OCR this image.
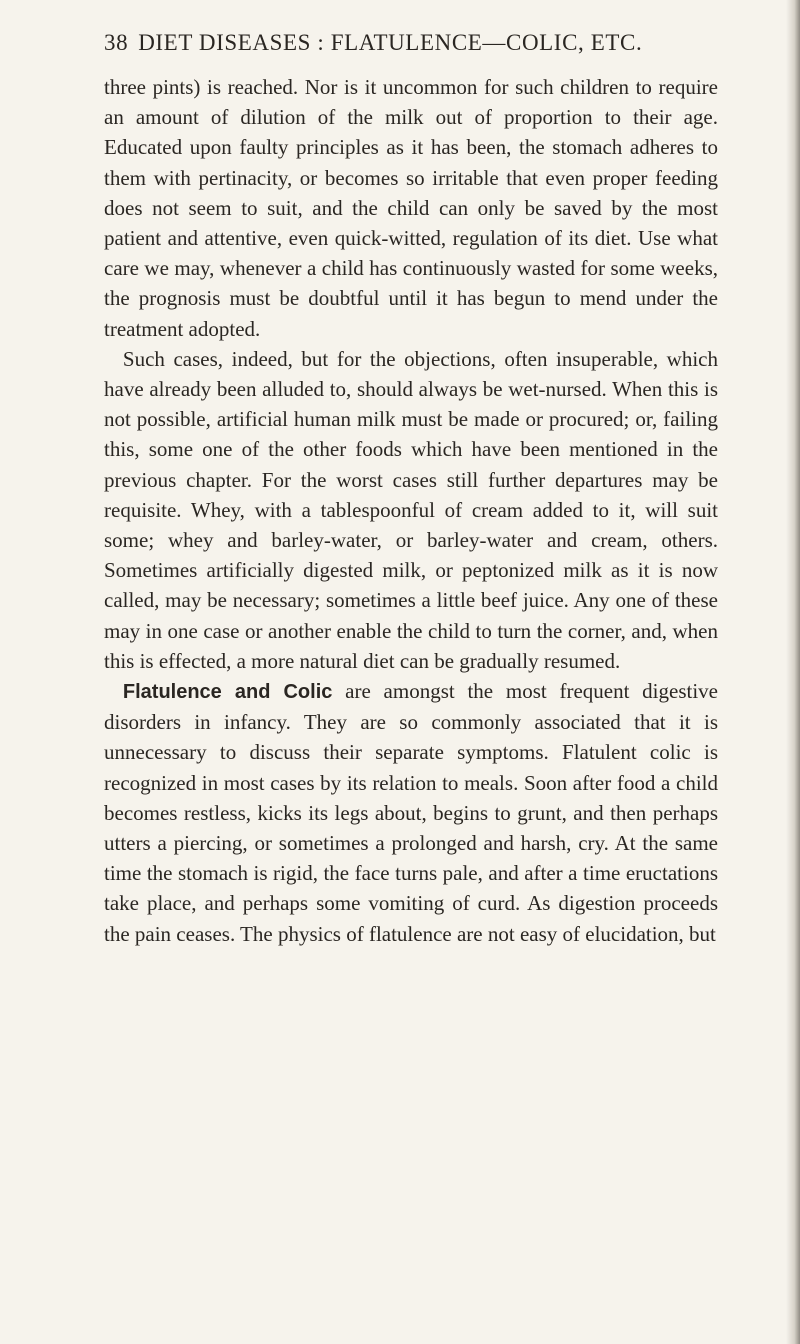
38 DIET DISEASES : FLATULENCE—COLIC, ETC.

three pints) is reached. Nor is it uncommon for such children to require an amount of dilution of the milk out of proportion to their age. Educated upon faulty principles as it has been, the stomach adheres to them with pertinacity, or becomes so irritable that even proper feeding does not seem to suit, and the child can only be saved by the most patient and attentive, even quick-witted, regulation of its diet. Use what care we may, whenever a child has continuously wasted for some weeks, the prognosis must be doubtful until it has begun to mend under the treatment adopted.

Such cases, indeed, but for the objections, often insuperable, which have already been alluded to, should always be wet-nursed. When this is not possible, artificial human milk must be made or procured; or, failing this, some one of the other foods which have been mentioned in the previous chapter. For the worst cases still further departures may be requisite. Whey, with a tablespoonful of cream added to it, will suit some; whey and barley-water, or barley-water and cream, others. Sometimes artificially digested milk, or peptonized milk as it is now called, may be necessary; sometimes a little beef juice. Any one of these may in one case or another enable the child to turn the corner, and, when this is effected, a more natural diet can be gradually resumed.

Flatulence and Colic are amongst the most frequent digestive disorders in infancy. They are so commonly associated that it is unnecessary to discuss their separate symptoms. Flatulent colic is recognized in most cases by its relation to meals. Soon after food a child becomes restless, kicks its legs about, begins to grunt, and then perhaps utters a piercing, or sometimes a prolonged and harsh, cry. At the same time the stomach is rigid, the face turns pale, and after a time eructations take place, and perhaps some vomiting of curd. As digestion proceeds the pain ceases. The physics of flatulence are not easy of elucidation, but
